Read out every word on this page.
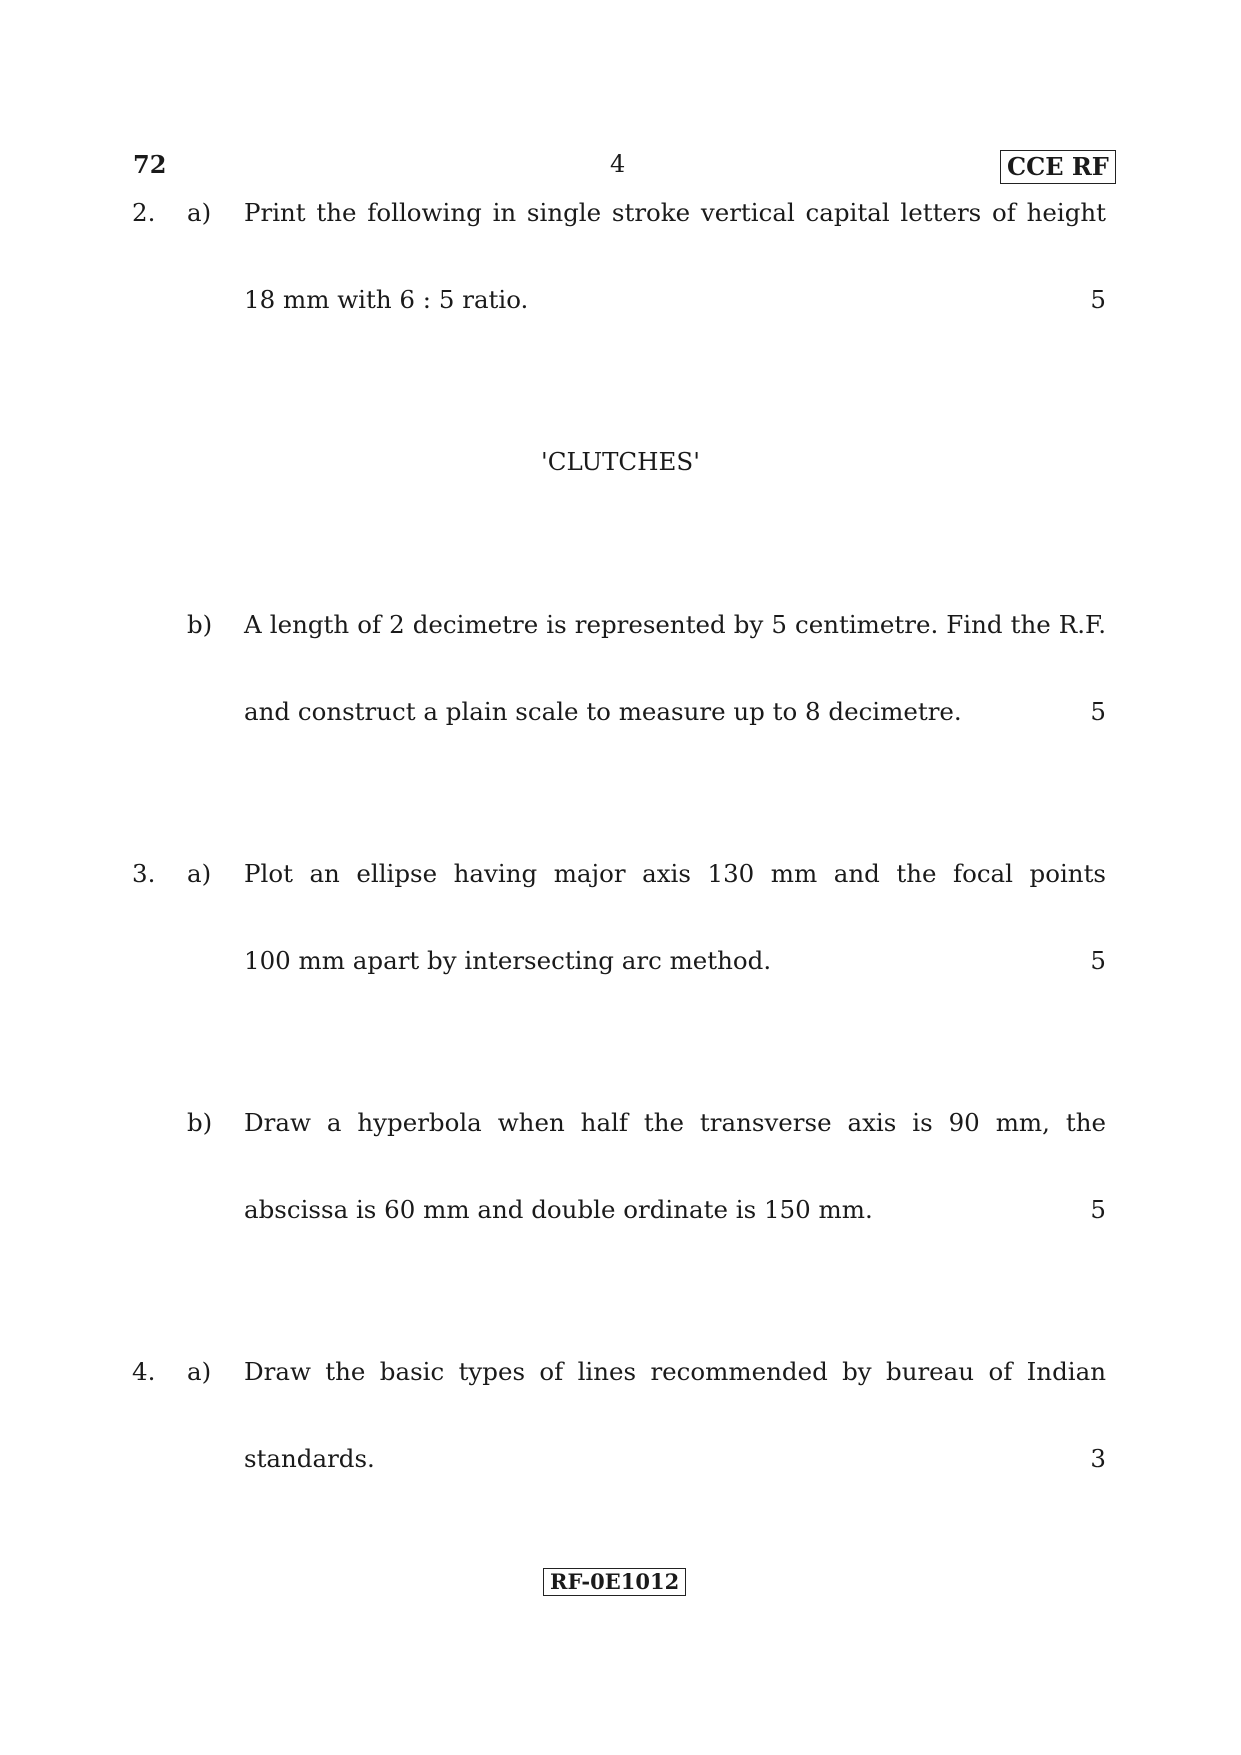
72	4	CCE RF
2.	a)	Print the following in single stroke vertical capital letters of height
18 mm with 6 : 5 ratio.	5
'CLUTCHES'
b)	A length of 2 decimetre is represented by 5 centimetre. Find the R.F.
and construct a plain scale to measure up to 8 decimetre.	5
3.	a)	Plot an ellipse having major axis 130 mm and the focal points
100 mm apart by intersecting arc method.	5
b)	Draw a hyperbola when half the transverse axis is 90 mm, the
abscissa is 60 mm and double ordinate is 150 mm.	5
4.	a)	Draw the basic types of lines recommended by bureau of Indian
standards.	3
RF-0E1012
